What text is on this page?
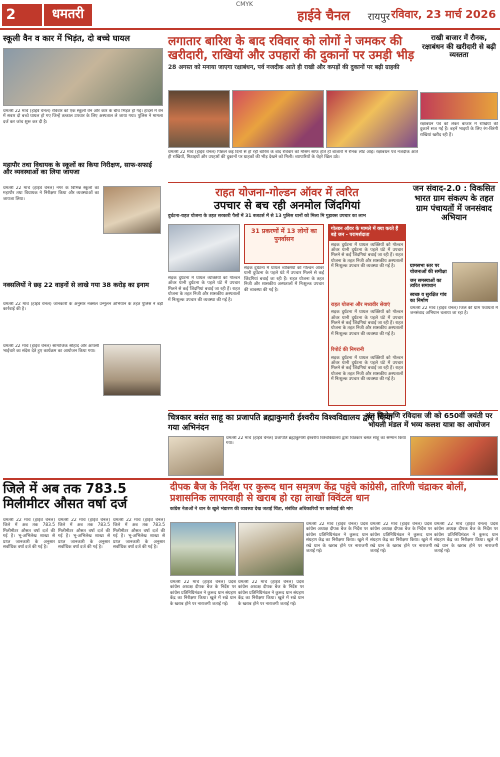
2	धमतरी
CMYK
हाईवे चैनल रायपुर रविवार, 23 मार्च 2026
स्कूली वैन व कार में भिड़ंत, दो बच्चे घायल
धमतरी 22 मार्च (हाईवे चैनल) रविवार को एक स्कूली वैन और कार के बीच भिड़ंत हो गई। हादसे में वैन में सवार दो बच्चे घायल हो गए जिन्हें तत्काल उपचार के लिए अस्पताल ले जाया गया। पुलिस ने मामला दर्ज कर जांच शुरू कर दी है।
महापौर तथा विधायक के स्कूलों का किया निरीक्षण, साफ-सफाई और व्यवस्थाओं का लिया जायजा
धमतरी 22 मार्च (हाईवे चैनल) नगर के विभिन्न स्कूलों का महापौर तथा विधायक ने निरीक्षण किया और व्यवस्थाओं का जायजा लिया।
नक्सलियों ने छह 22 वाहनों से लाखे गया 38 करोड़ का इनाम
धमतरी 22 मार्च (हाईवे चैनल) जानकारी के अनुसार नक्सल उन्मूलन अभियान के तहत पुलिस ने बड़ी कार्रवाई की है।
धमतरी 22 मार्च (हाईवे चैनल) सामाजिक सौहार्द और आपसी भाईचारे का संदेश देते हुए कार्यक्रम का आयोजन किया गया।
लगातार बारिश के बाद रविवार को लोगों ने जमकर की खरीदारी, राखियों और उपहारों की दुकानों पर उमड़ी भीड़
28 अगस्त को मनाया जाएगा रक्षाबंधन, पर्व नजदीक आते ही राखी और कपड़ों की दुकानों पर बढ़ी ग्राहकी
राखी बाजार में रौनक, रक्षाबंधन की खरीदारी से बढ़ी व्यस्तता
धमतरी 22 मार्च (हाईवे चैनल) पिछले कई दिनों से हो रही बारिश के बाद रविवार को मौसम साफ होते ही बाजारों में रौनक लौट आई। रक्षाबंधन पर्व नजदीक आते ही राखियों, मिठाइयों और उपहारों की दुकानों पर ग्राहकों की भीड़ देखने को मिली। व्यापारियों के चेहरे खिल उठे।
रक्षाबंधन पर्व को लेकर बाजार में राखियों की दुकानें सज गई हैं। बहनें भाइयों के लिए रंग-बिरंगी राखियां खरीद रही हैं।
राहत योजना-गोल्डन ऑवर में त्वरित
उपचार से बच रही अनमोल जिंदगियां
दुर्घटना-राहत योजना के तहत सरकारी पैसों में 31 बजटर्स में से 13 पुलिस थानों को मिला मि गुड़ाक्स उपचार का लाभ
31 प्रकरणों में 13 लोगों का पुनर्वासन
सड़क दुर्घटना में घायल व्यक्तियों को गोल्डन ऑवर यानी दुर्घटना के पहले घंटे में उपचार मिलने से कई जिंदगियां बचाई जा रही हैं। राहत योजना के तहत निजी और शासकीय अस्पतालों में निःशुल्क उपचार की व्यवस्था की गई है।
सड़क दुर्घटना में घायल व्यक्तियों को गोल्डन ऑवर यानी दुर्घटना के पहले घंटे में उपचार मिलने से कई जिंदगियां बचाई जा रही हैं। राहत योजना के तहत निजी और शासकीय अस्पतालों में निःशुल्क उपचार की व्यवस्था की गई है।
गोल्डन ऑवर के मामले में क्या करते हैं बड़े जन - परामर्शदाता
सड़क दुर्घटना में घायल व्यक्तियों को गोल्डन ऑवर यानी दुर्घटना के पहले घंटे में उपचार मिलने से कई जिंदगियां बचाई जा रही हैं। राहत योजना के तहत निजी और शासकीय अस्पतालों में निःशुल्क उपचार की व्यवस्था की गई है।
राहत योजना और मध्यवीर सेवाएं
सड़क दुर्घटना में घायल व्यक्तियों को गोल्डन ऑवर यानी दुर्घटना के पहले घंटे में उपचार मिलने से कई जिंदगियां बचाई जा रही हैं। राहत योजना के तहत निजी और शासकीय अस्पतालों में निःशुल्क उपचार की व्यवस्था की गई है।
रिपोर्ट की निगरानी
सड़क दुर्घटना में घायल व्यक्तियों को गोल्डन ऑवर यानी दुर्घटना के पहले घंटे में उपचार मिलने से कई जिंदगियां बचाई जा रही हैं। राहत योजना के तहत निजी और शासकीय अस्पतालों में निःशुल्क उपचार की व्यवस्था की गई है।
जन संवाद-2.0 : विकसित भारत ग्राम संकल्प के तहत ग्राम पंचायतों में जनसंवाद अभियान
ग्रामसभा स्तर पर योजनाओं की समीक्षा
जन समस्याओं का त्वरित समाधान
स्वच्छ व सुरक्षित गांव का निर्माण
धमतरी 22 मार्च (हाईवे चैनल) जिले की ग्राम पंचायतों में जनसंवाद अभियान चलाया जा रहा है।
चित्रकार बसंत साहू का प्रजापति ब्रह्माकुमारी ईश्वरीय विश्वविद्यालय द्वारा किया गया अभिनंदन
धमतरी 22 मार्च (हाईवे चैनल) प्रजापति ब्रह्माकुमारी ईश्वरीय विश्वविद्यालय द्वारा चित्रकार बसंत साहू का सम्मान किया गया।
संत शिरोमणि रविदास जी को 650वीं जयंती पर भोयली मंडल में भव्य कलश यात्रा का आयोजन
जिले में अब तक 783.5 मिलीमीटर औसत वर्षा दर्ज
धमतरी 22 मार्च (हाईवे चैनल) जिले में अब तक 783.5 मिलीमीटर औसत वर्षा दर्ज की गई है। भू-अभिलेख शाखा से प्राप्त जानकारी के अनुसार सर्वाधिक वर्षा दर्ज की गई है।
धमतरी 22 मार्च (हाईवे चैनल) जिले में अब तक 783.5 मिलीमीटर औसत वर्षा दर्ज की गई है। भू-अभिलेख शाखा से प्राप्त जानकारी के अनुसार सर्वाधिक वर्षा दर्ज की गई है।
धमतरी 22 मार्च (हाईवे चैनल) जिले में अब तक 783.5 मिलीमीटर औसत वर्षा दर्ज की गई है। भू-अभिलेख शाखा से प्राप्त जानकारी के अनुसार सर्वाधिक वर्षा दर्ज की गई है।
दीपक बैज के निर्देश पर कुरूद धान समृत्रण केंद्र पहुंचे कांग्रेसी, तारिणी चंद्राकर बोलीं, प्रशासनिक लापरवाही से खराब हो रहा लाखों क्विंटल धान
कांग्रेस नेताओं ने धान के खुले भंडारण की व्यवस्था देख जताई चिंता, संबंधित अधिकारियों पर कार्रवाई की मांग
धमतरी 22 मार्च (हाईवे चैनल) प्रदेश कांग्रेस अध्यक्ष दीपक बैज के निर्देश पर कांग्रेस प्रतिनिधिमंडल ने कुरूद धान संग्रहण केंद्र का निरीक्षण किया। खुले में रखे धान के खराब होने पर नाराजगी जताई गई।
धमतरी 22 मार्च (हाईवे चैनल) प्रदेश कांग्रेस अध्यक्ष दीपक बैज के निर्देश पर कांग्रेस प्रतिनिधिमंडल ने कुरूद धान संग्रहण केंद्र का निरीक्षण किया। खुले में रखे धान के खराब होने पर नाराजगी जताई गई।
धमतरी 22 मार्च (हाईवे चैनल) प्रदेश कांग्रेस अध्यक्ष दीपक बैज के निर्देश पर कांग्रेस प्रतिनिधिमंडल ने कुरूद धान संग्रहण केंद्र का निरीक्षण किया। खुले में रखे धान के खराब होने पर नाराजगी जताई गई।
धमतरी 22 मार्च (हाईवे चैनल) प्रदेश कांग्रेस अध्यक्ष दीपक बैज के निर्देश पर कांग्रेस प्रतिनिधिमंडल ने कुरूद धान संग्रहण केंद्र का निरीक्षण किया। खुले में रखे धान के खराब होने पर नाराजगी जताई गई।
धमतरी 22 मार्च (हाईवे चैनल) प्रदेश कांग्रेस अध्यक्ष दीपक बैज के निर्देश पर कांग्रेस प्रतिनिधिमंडल ने कुरूद धान संग्रहण केंद्र का निरीक्षण किया। खुले में रखे धान के खराब होने पर नाराजगी जताई गई।
